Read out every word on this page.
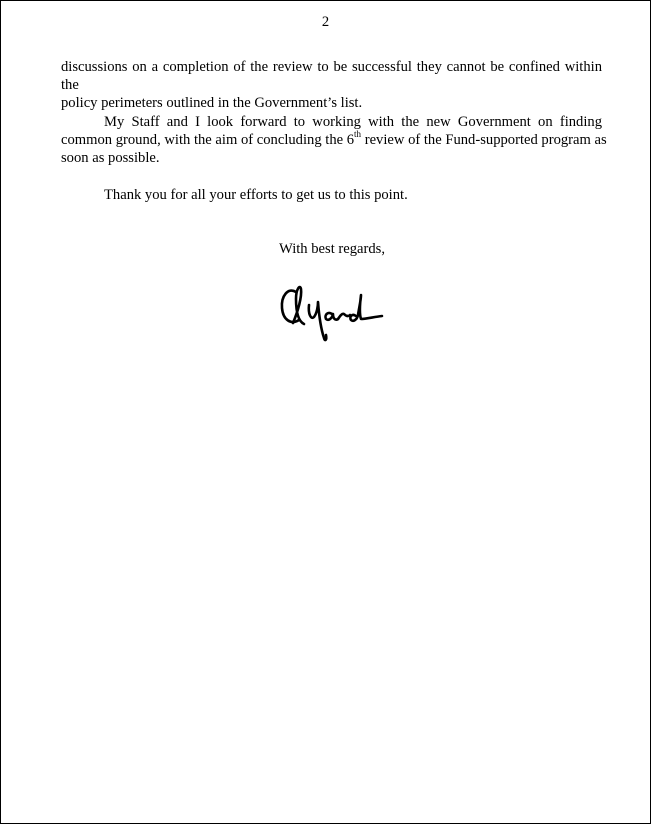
2

discussions on a completion of the review to be successful they cannot be confined within the
policy perimeters outlined in the Government’s list.

My Staff and I look forward to working with the new Government on finding
common ground, with the aim of concluding the 6th review of the Fund-supported program as
soon as possible.

Thank you for all your efforts to get us to this point.

With best regards,
